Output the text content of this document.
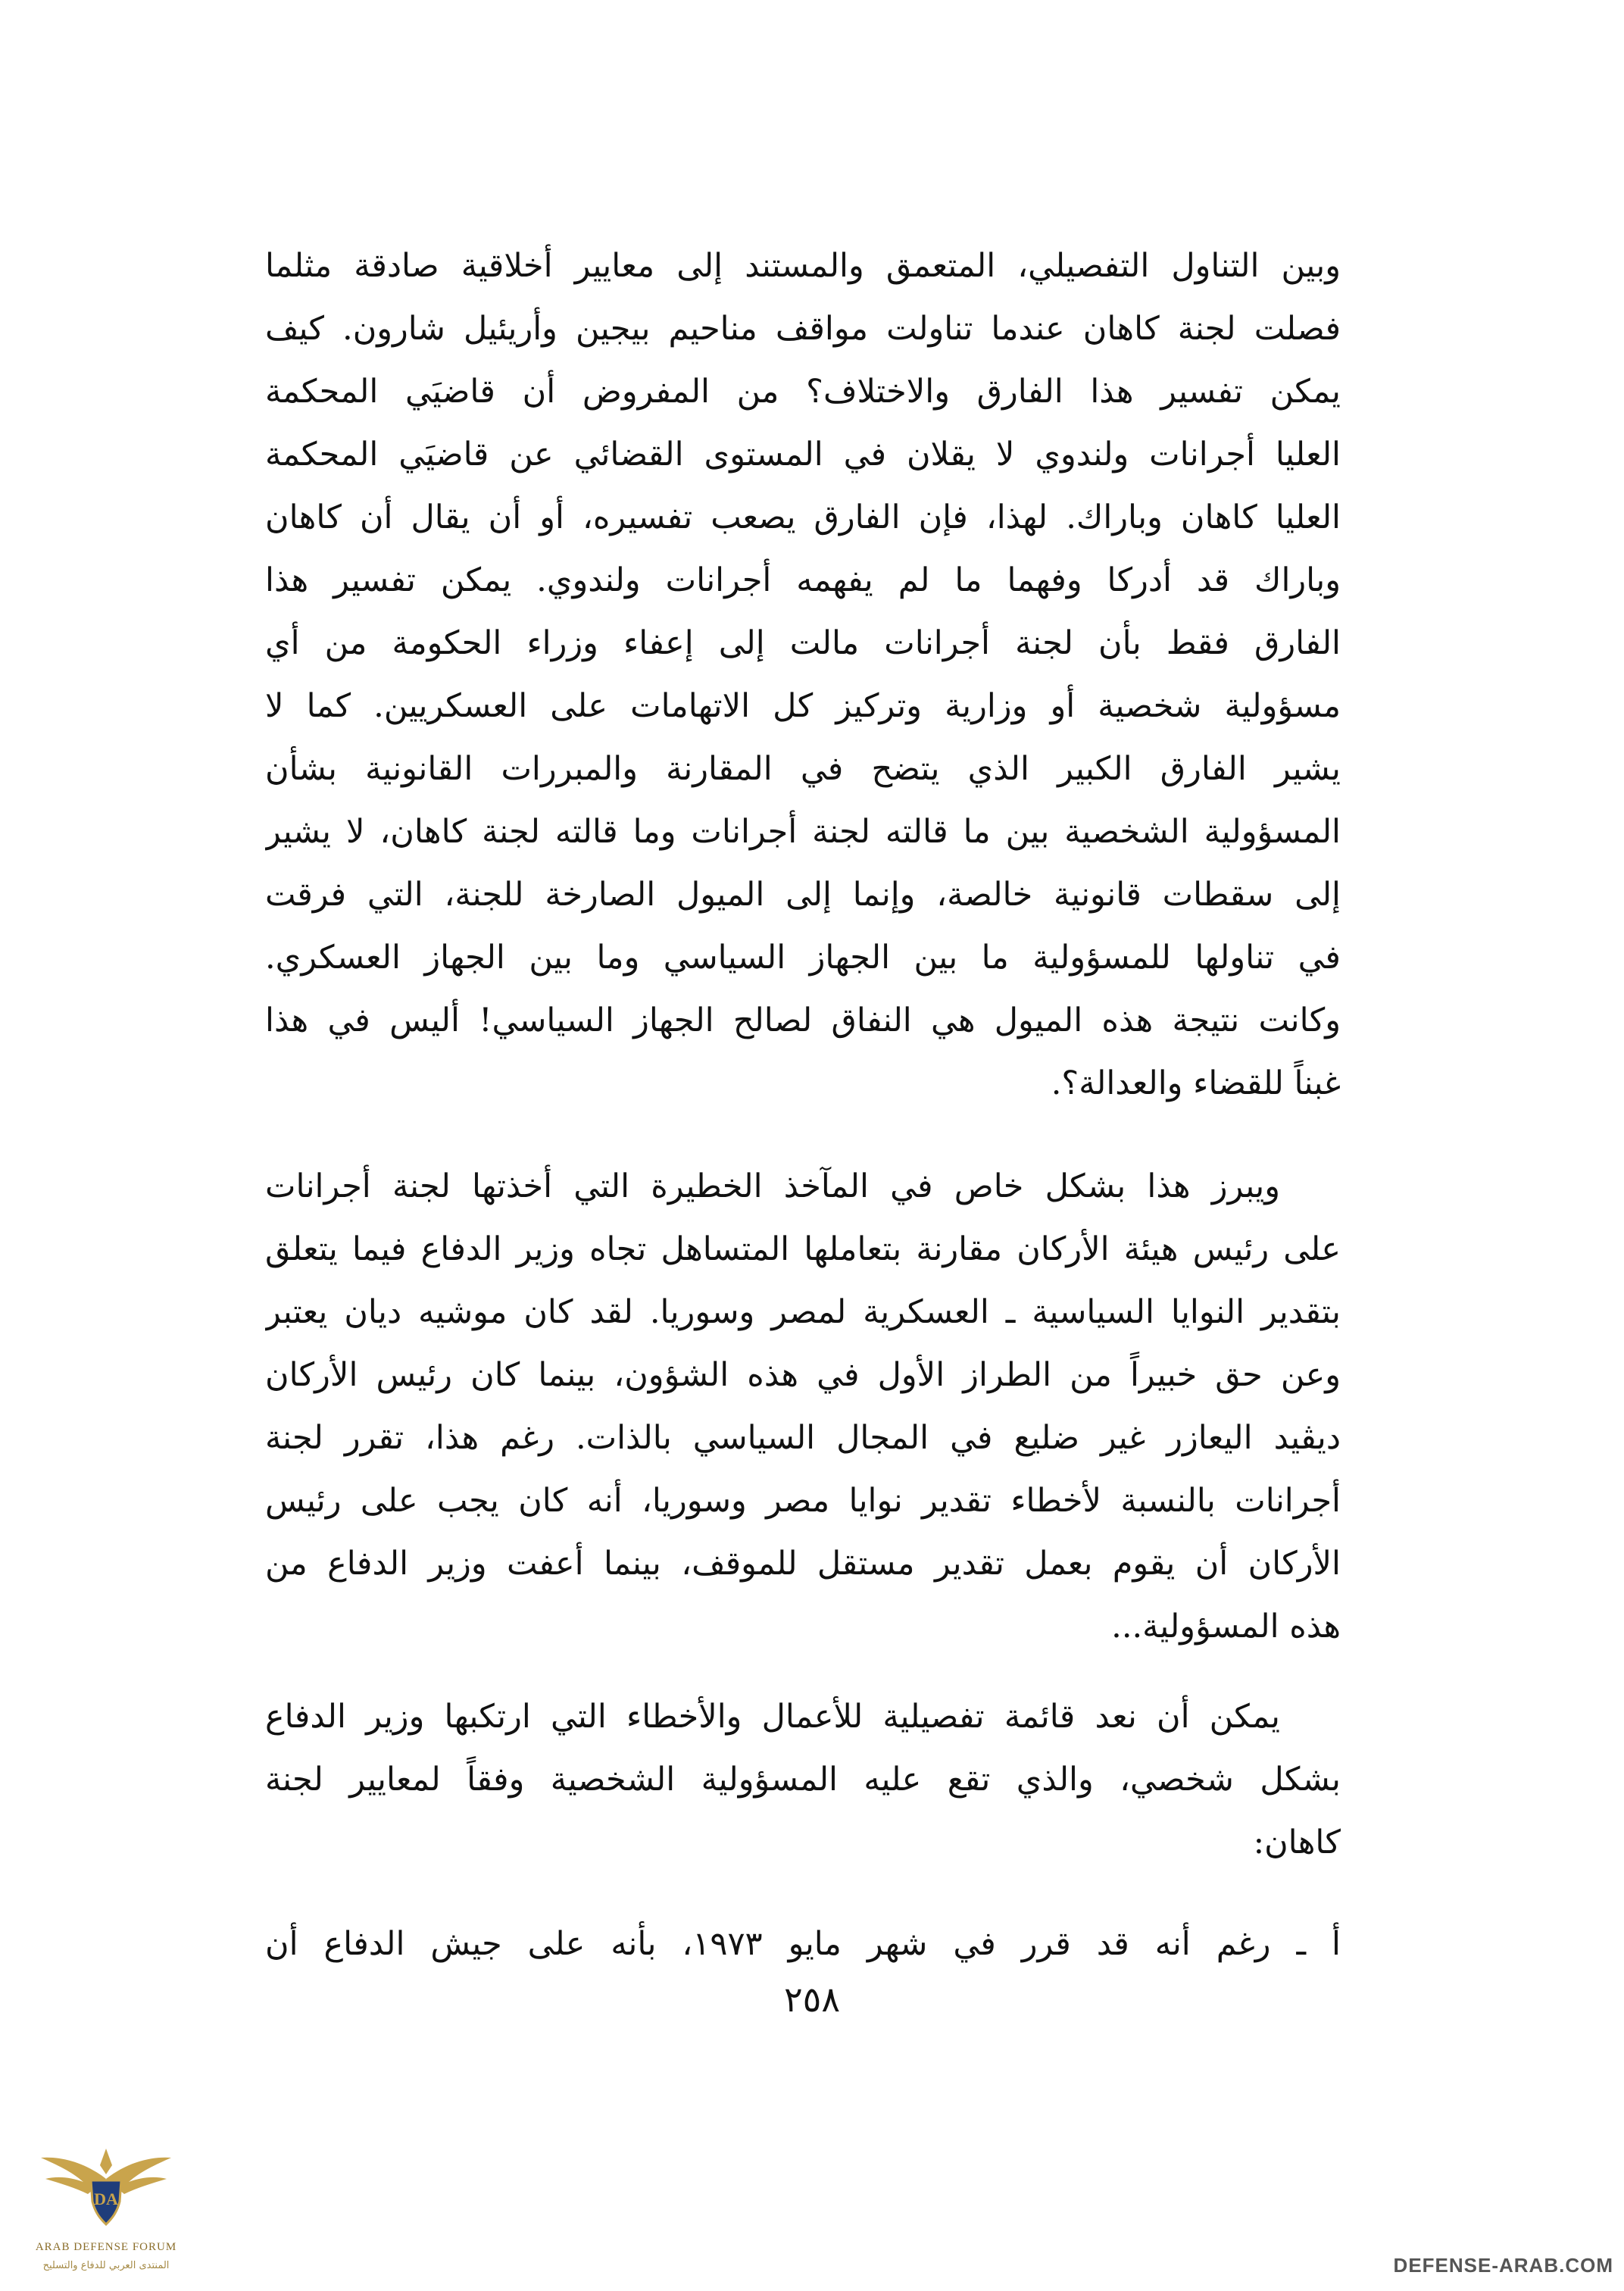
وبين التناول التفصيلي، المتعمق والمستند إلى معايير أخلاقية صادقة مثلما
فصلت لجنة كاهان عندما تناولت مواقف مناحيم بيجين وأريئيل شارون. كيف
يمكن تفسير هذا الفارق والاختلاف؟ من المفروض أن قاضيَي المحكمة
العليا أجرانات ولندوي لا يقلان في المستوى القضائي عن قاضيَي المحكمة
العليا كاهان وباراك. لهذا، فإن الفارق يصعب تفسيره، أو أن يقال أن كاهان
وباراك قد أدركا وفهما ما لم يفهمه أجرانات ولندوي. يمكن تفسير هذا
الفارق فقط بأن لجنة أجرانات مالت إلى إعفاء وزراء الحكومة من أي
مسؤولية شخصية أو وزارية وتركيز كل الاتهامات على العسكريين. كما لا
يشير الفارق الكبير الذي يتضح في المقارنة والمبررات القانونية بشأن
المسؤولية الشخصية بين ما قالته لجنة أجرانات وما قالته لجنة كاهان، لا يشير
إلى سقطات قانونية خالصة، وإنما إلى الميول الصارخة للجنة، التي فرقت
في تناولها للمسؤولية ما بين الجهاز السياسي وما بين الجهاز العسكري.
وكانت نتيجة هذه الميول هي النفاق لصالح الجهاز السياسي! أليس في هذا
غبناً للقضاء والعدالة؟.
ويبرز هذا بشكل خاص في المآخذ الخطيرة التي أخذتها لجنة أجرانات
على رئيس هيئة الأركان مقارنة بتعاملها المتساهل تجاه وزير الدفاع فيما يتعلق
بتقدير النوايا السياسية ـ العسكرية لمصر وسوريا. لقد كان موشيه ديان يعتبر
وعن حق خبيراً من الطراز الأول في هذه الشؤون، بينما كان رئيس الأركان
ديڤيد اليعازر غير ضليع في المجال السياسي بالذات. رغم هذا، تقرر لجنة
أجرانات بالنسبة لأخطاء تقدير نوايا مصر وسوريا، أنه كان يجب على رئيس
الأركان أن يقوم بعمل تقدير مستقل للموقف، بينما أعفت وزير الدفاع من
هذه المسؤولية...
يمكن أن نعد قائمة تفصيلية للأعمال والأخطاء التي ارتكبها وزير الدفاع
بشكل شخصي، والذي تقع عليه المسؤولية الشخصية وفقاً لمعايير لجنة
كاهان:
أ ـ رغم أنه قد قرر في شهر مايو ١٩٧٣، بأنه على جيش الدفاع أن
٢٥٨
DA
ARAB DEFENSE FORUM
المنتدى العربي للدفاع والتسليح	DEFENSE-ARAB.COM
